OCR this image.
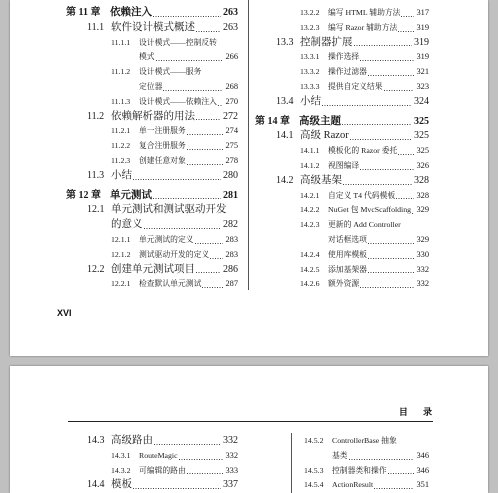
第 11 章 依赖注入	263
11.1 软件设计模式概述	263
11.1.1	设计模式——控制反转
模式	266
11.1.2	设计模式——服务
定位器	268
11.1.3	设计模式——依赖注入 270
11.2 依赖解析器的用法	272
11.2.1	单一注册服务	274
11.2.2	复合注册服务	275
11.2.3	创建任意对象	278
11.3 小结	280
第 12 章 单元测试	281
12.1 单元测试和测试驱动开发
的意义	282
12.1.1	单元测试的定义	283
12.1.2	测试驱动开发的定义 283
12.2 创建单元测试项目	286
12.2.1	检查默认单元测试	287
13.2.2	编写 HTML 辅助方法 317
13.2.3	编写 Razor 辅助方法 319
13.3 控制器扩展	319
13.3.1	操作选择	319
13.3.2	操作过滤器	321
13.3.3	提供自定义结果	323
13.4 小结	324
第 14 章 高级主题	325
14.1 高级 Razor	325
14.1.1	模板化的 Razor 委托 325
14.1.2	视图编译	326
14.2 高级基架	328
14.2.1	自定义 T4 代码模板	328
14.2.2	NuGet 包 MvcScaffolding 329
14.2.3	更新的 Add Controller
对话框选项	329
14.2.4	使用库模板	330
14.2.5	添加基架器	332
14.2.6	额外资源	332
XVI
目 录
14.3 高级路由	332
14.3.1	RouteMagic	332
14.3.2	可编辑的路由	333
14.4 模板	337
14.5.2	ControllerBase 抽象
基类	346
14.5.3	控制器类和操作	346
14.5.4	ActionResult	351
